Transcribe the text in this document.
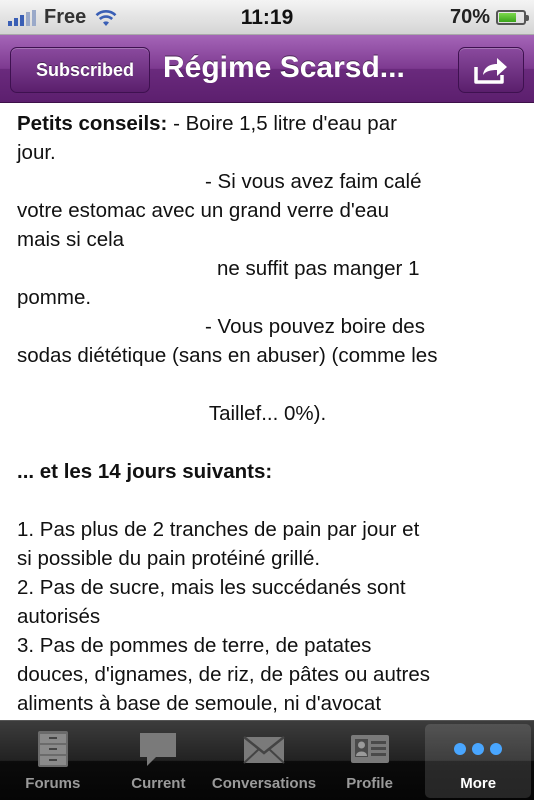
Free	11:19	70%
Subscribed Régime Scarsd...

Petits conseils: - Boire 1,5 litre d'eau par

jour.

- Si vous avez faim calé

votre estomac avec un grand verre d'eau

mais si cela

ne suffit pas manger 1

pomme.

- Vous pouvez boire des

sodas diététique (sans en abuser) (comme les

Taillef... 0%).

... et les 14 jours suivants:

1. Pas plus de 2 tranches de pain par jour et

si possible du pain protéiné grillé.

2. Pas de sucre, mais les succédanés sont

autorisés

3. Pas de pommes de terre, de patates

douces, d'ignames, de riz, de pâtes ou autres

aliments à base de semoule, ni d'avocat

Forums	Current Conversations Profile	More
